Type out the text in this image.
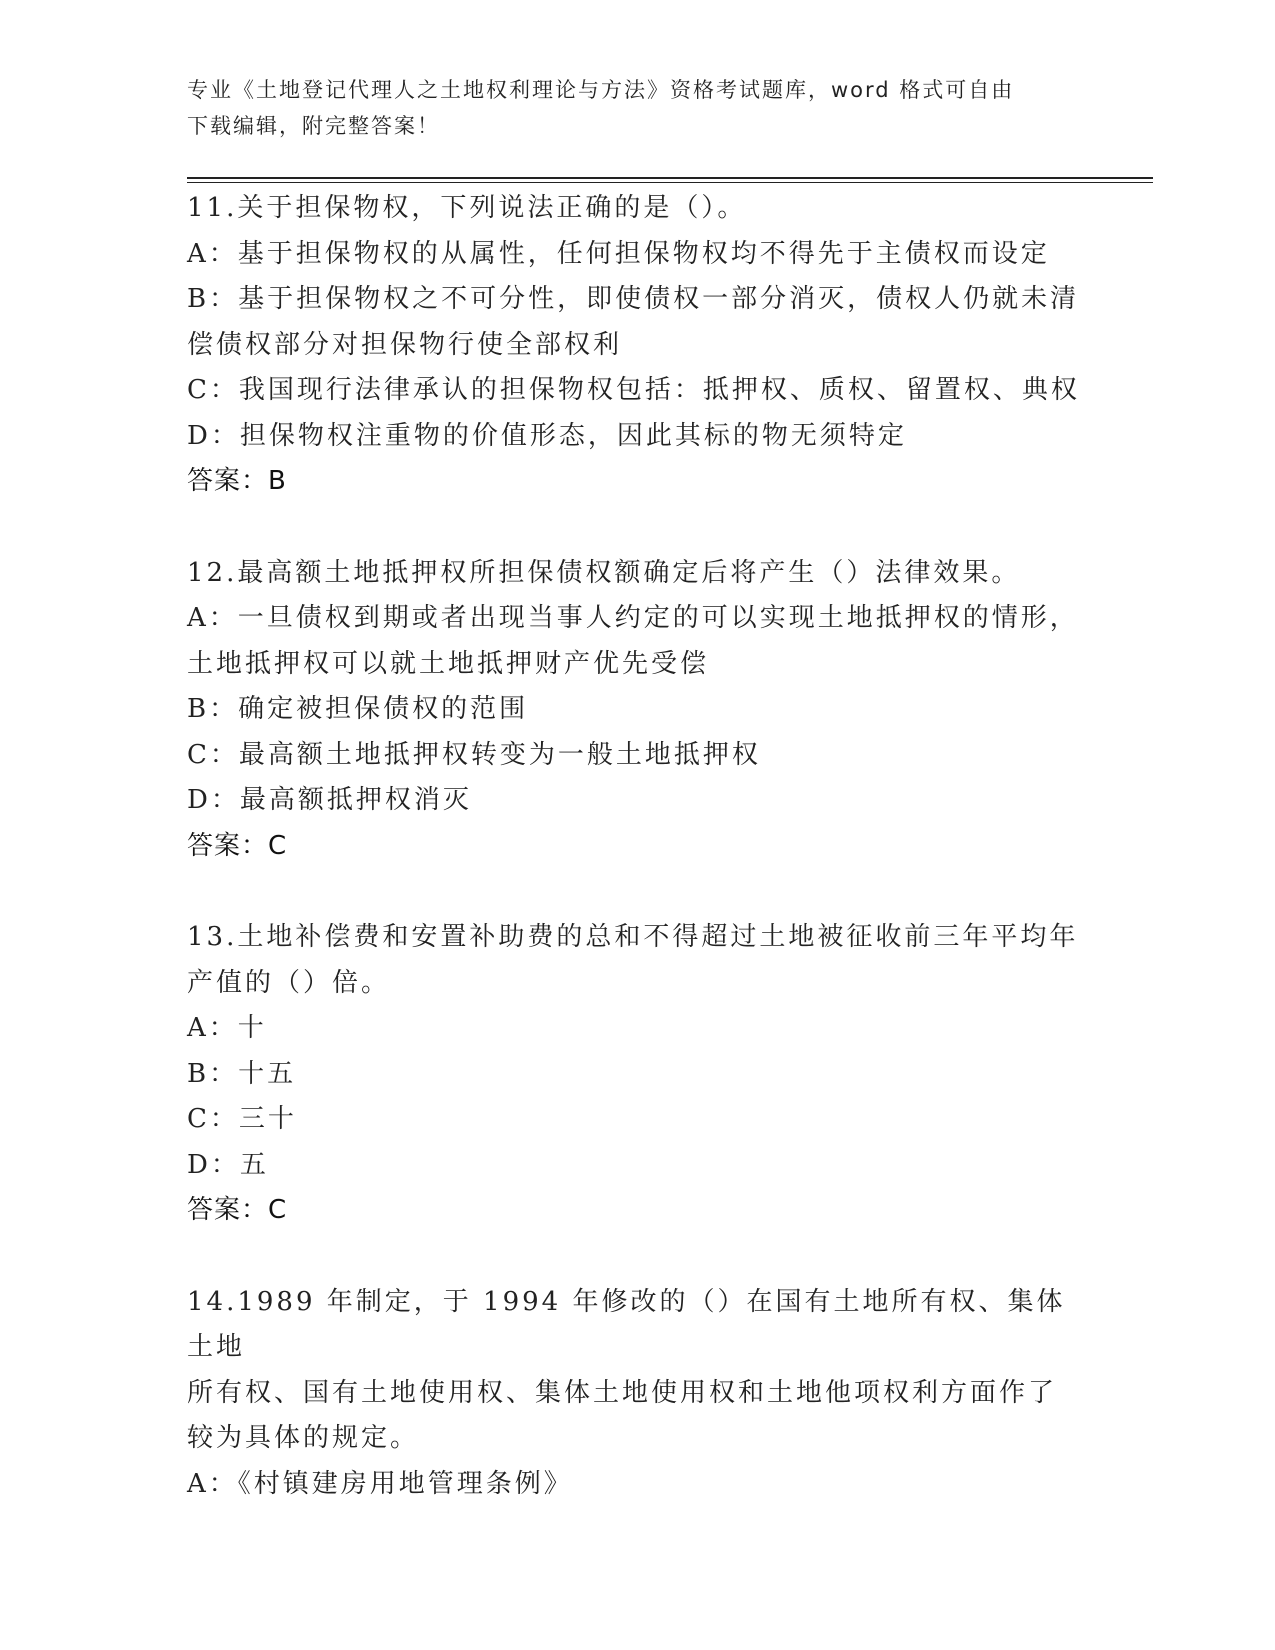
专业《土地登记代理人之土地权利理论与方法》资格考试题库，word 格式可自由
下载编辑，附完整答案！
11.关于担保物权，下列说法正确的是（）。
A：基于担保物权的从属性，任何担保物权均不得先于主债权而设定
B：基于担保物权之不可分性，即使债权一部分消灭，债权人仍就未清
偿债权部分对担保物行使全部权利
C：我国现行法律承认的担保物权包括：抵押权、质权、留置权、典权
D：担保物权注重物的价值形态，因此其标的物无须特定
答案：B
12.最高额土地抵押权所担保债权额确定后将产生（）法律效果。
A：一旦债权到期或者出现当事人约定的可以实现土地抵押权的情形，
土地抵押权可以就土地抵押财产优先受偿
B：确定被担保债权的范围
C：最高额土地抵押权转变为一般土地抵押权
D：最高额抵押权消灭
答案：C
13.土地补偿费和安置补助费的总和不得超过土地被征收前三年平均年
产值的（）倍。
A：十
B：十五
C：三十
D：五
答案：C
14.1989 年制定，于 1994 年修改的（）在国有土地所有权、集体土地
所有权、国有土地使用权、集体土地使用权和土地他项权利方面作了
较为具体的规定。
A：《村镇建房用地管理条例》
